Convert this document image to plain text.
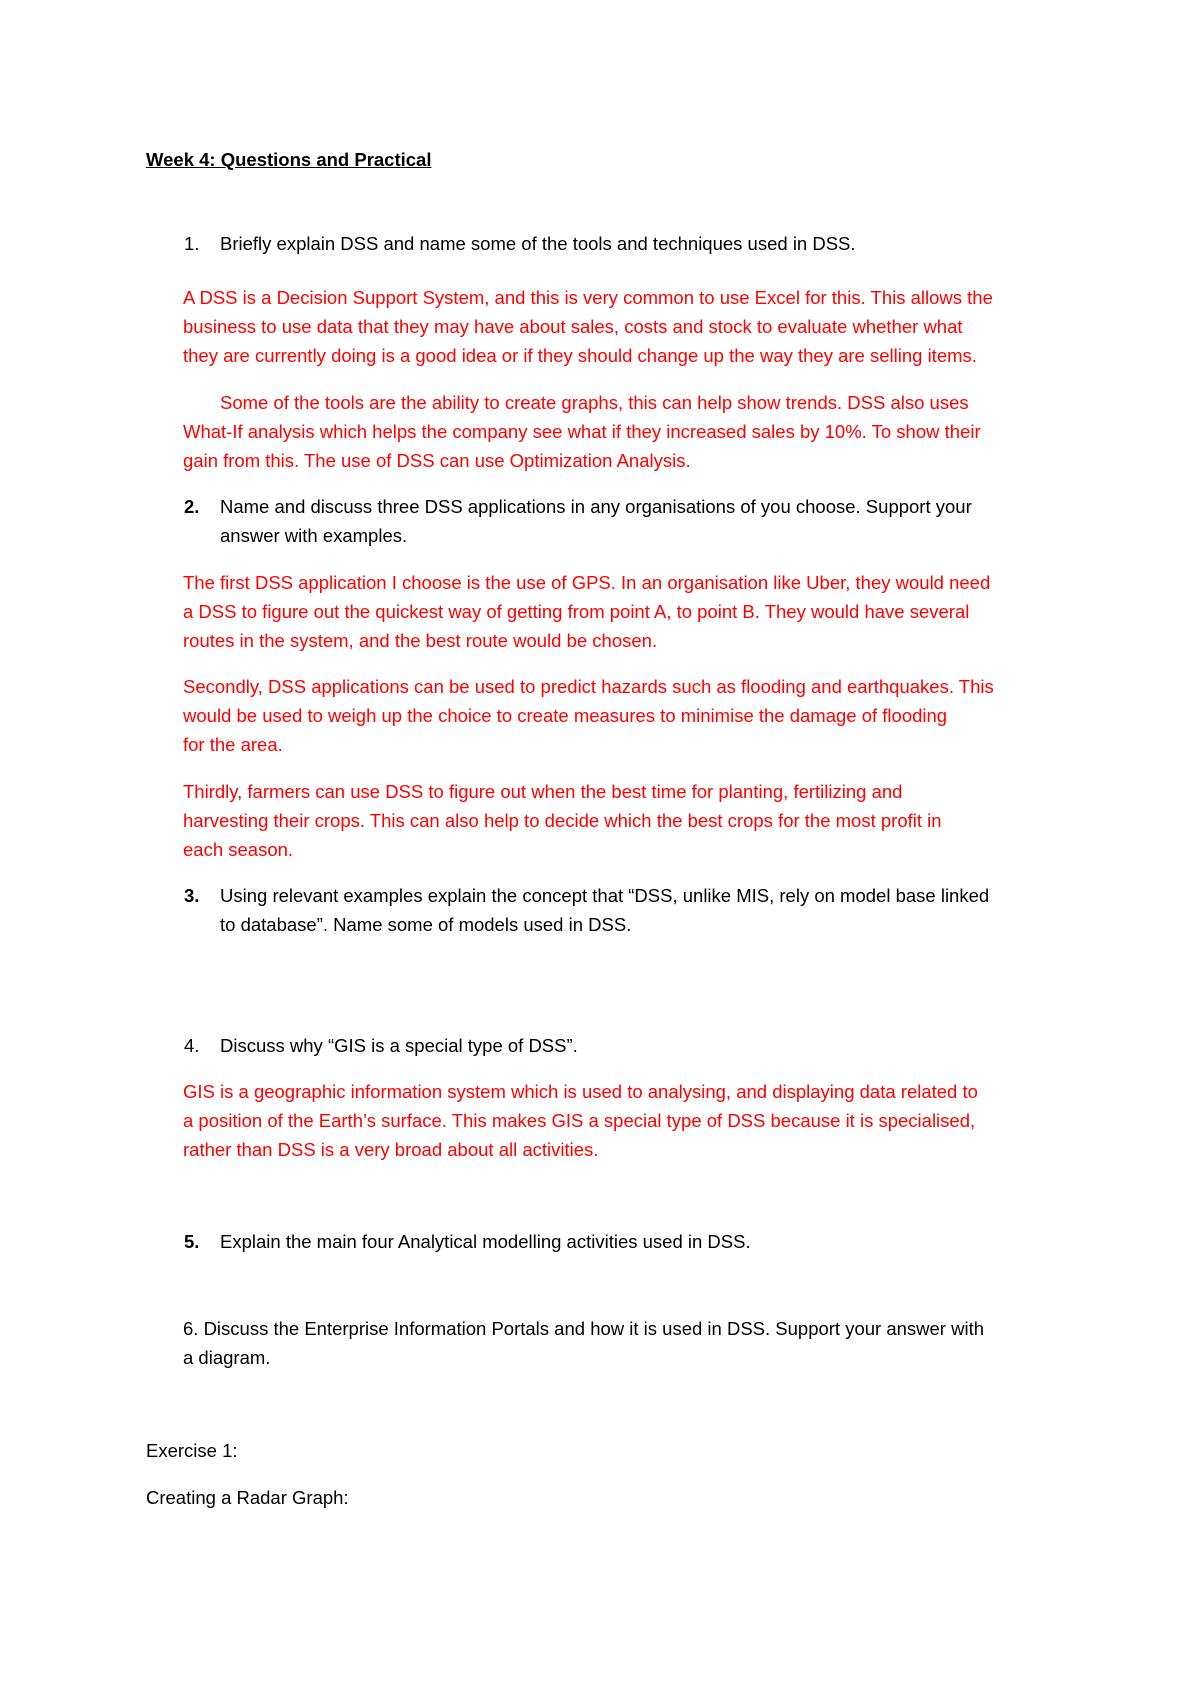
Week 4: Questions and Practical

1. Briefly explain DSS and name some of the tools and techniques used in DSS.
A DSS is a Decision Support System, and this is very common to use Excel for this. This allows the
business to use data that they may have about sales, costs and stock to evaluate whether what
they are currently doing is a good idea or if they should change up the way they are selling items.
Some of the tools are the ability to create graphs, this can help show trends. DSS also uses
What-If analysis which helps the company see what if they increased sales by 10%. To show their
gain from this. The use of DSS can use Optimization Analysis.
2. Name and discuss three DSS applications in any organisations of you choose. Support your
answer with examples.
The first DSS application I choose is the use of GPS. In an organisation like Uber, they would need
a DSS to figure out the quickest way of getting from point A, to point B. They would have several
routes in the system, and the best route would be chosen.
Secondly, DSS applications can be used to predict hazards such as flooding and earthquakes. This
would be used to weigh up the choice to create measures to minimise the damage of flooding
for the area.
Thirdly, farmers can use DSS to figure out when the best time for planting, fertilizing and
harvesting their crops. This can also help to decide which the best crops for the most profit in
each season.
3. Using relevant examples explain the concept that “DSS, unlike MIS, rely on model base linked
to database”. Name some of models used in DSS.
4. Discuss why “GIS is a special type of DSS”.
GIS is a geographic information system which is used to analysing, and displaying data related to
a position of the Earth’s surface. This makes GIS a special type of DSS because it is specialised,
rather than DSS is a very broad about all activities.
5. Explain the main four Analytical modelling activities used in DSS.
6. Discuss the Enterprise Information Portals and how it is used in DSS. Support your answer with
a diagram.
Exercise 1:
Creating a Radar Graph:
